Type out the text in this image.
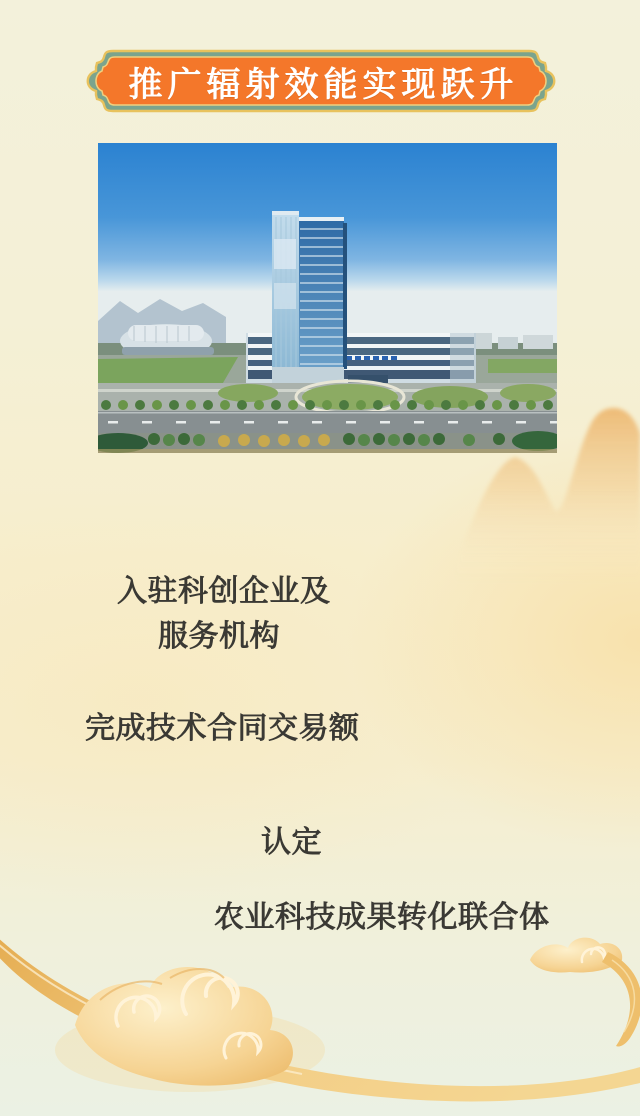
推广辐射效能实现跃升
入驻科创企业及
服务机构
完成技术合同交易额
认定
农业科技成果转化联合体
